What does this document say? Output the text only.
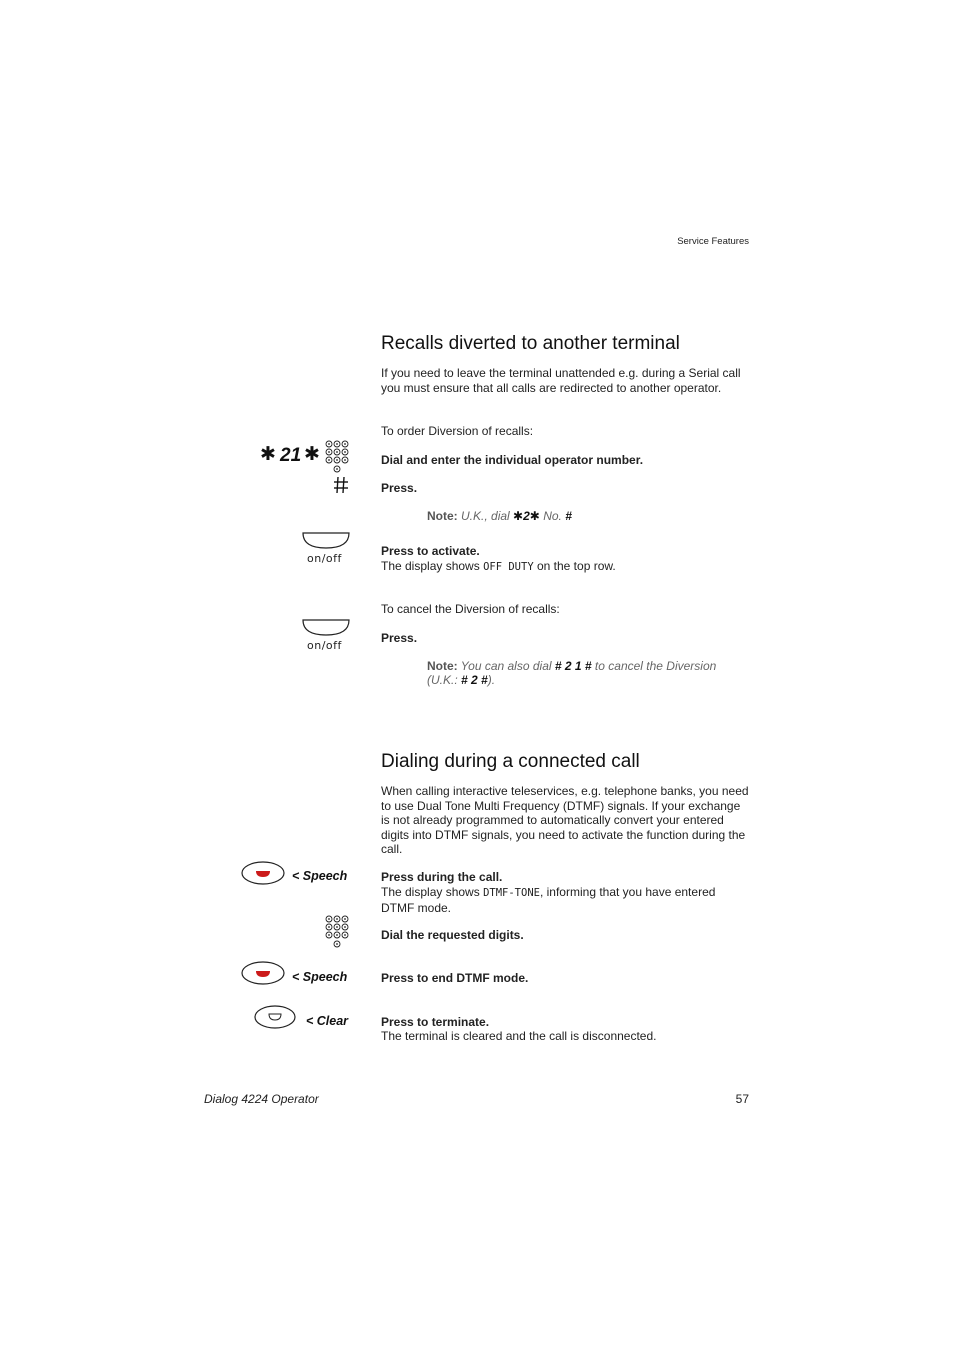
Service Features
Recalls diverted to another terminal
If you need to leave the terminal unattended e.g. during a Serial call you must ensure that all calls are redirected to another operator.
To order Diversion of recalls:
✱ 21 ✱	Dial and enter the individual operator number.
Press.
Note: U.K., dial ✱2✱ No. #
on/off
Press to activate.
The display shows OFF DUTY on the top row.
To cancel the Diversion of recalls:
on/off
Press.
Note: You can also dial # 2 1 # to cancel the Diversion
(U.K.: # 2 #).
Dialing during a connected call
When calling interactive teleservices, e.g. telephone banks, you need to use Dual Tone Multi Frequency (DTMF) signals. If your exchange is not already programmed to automatically convert your entered digits into DTMF signals, you need to activate the function during the call.
< Speech	Press during the call.
The display shows DTMF-TONE, informing that you have entered DTMF mode.
Dial the requested digits.
< Speech	Press to end DTMF mode.
< Clear	Press to terminate.
The terminal is cleared and the call is disconnected.
Dialog 4224 Operator	57
